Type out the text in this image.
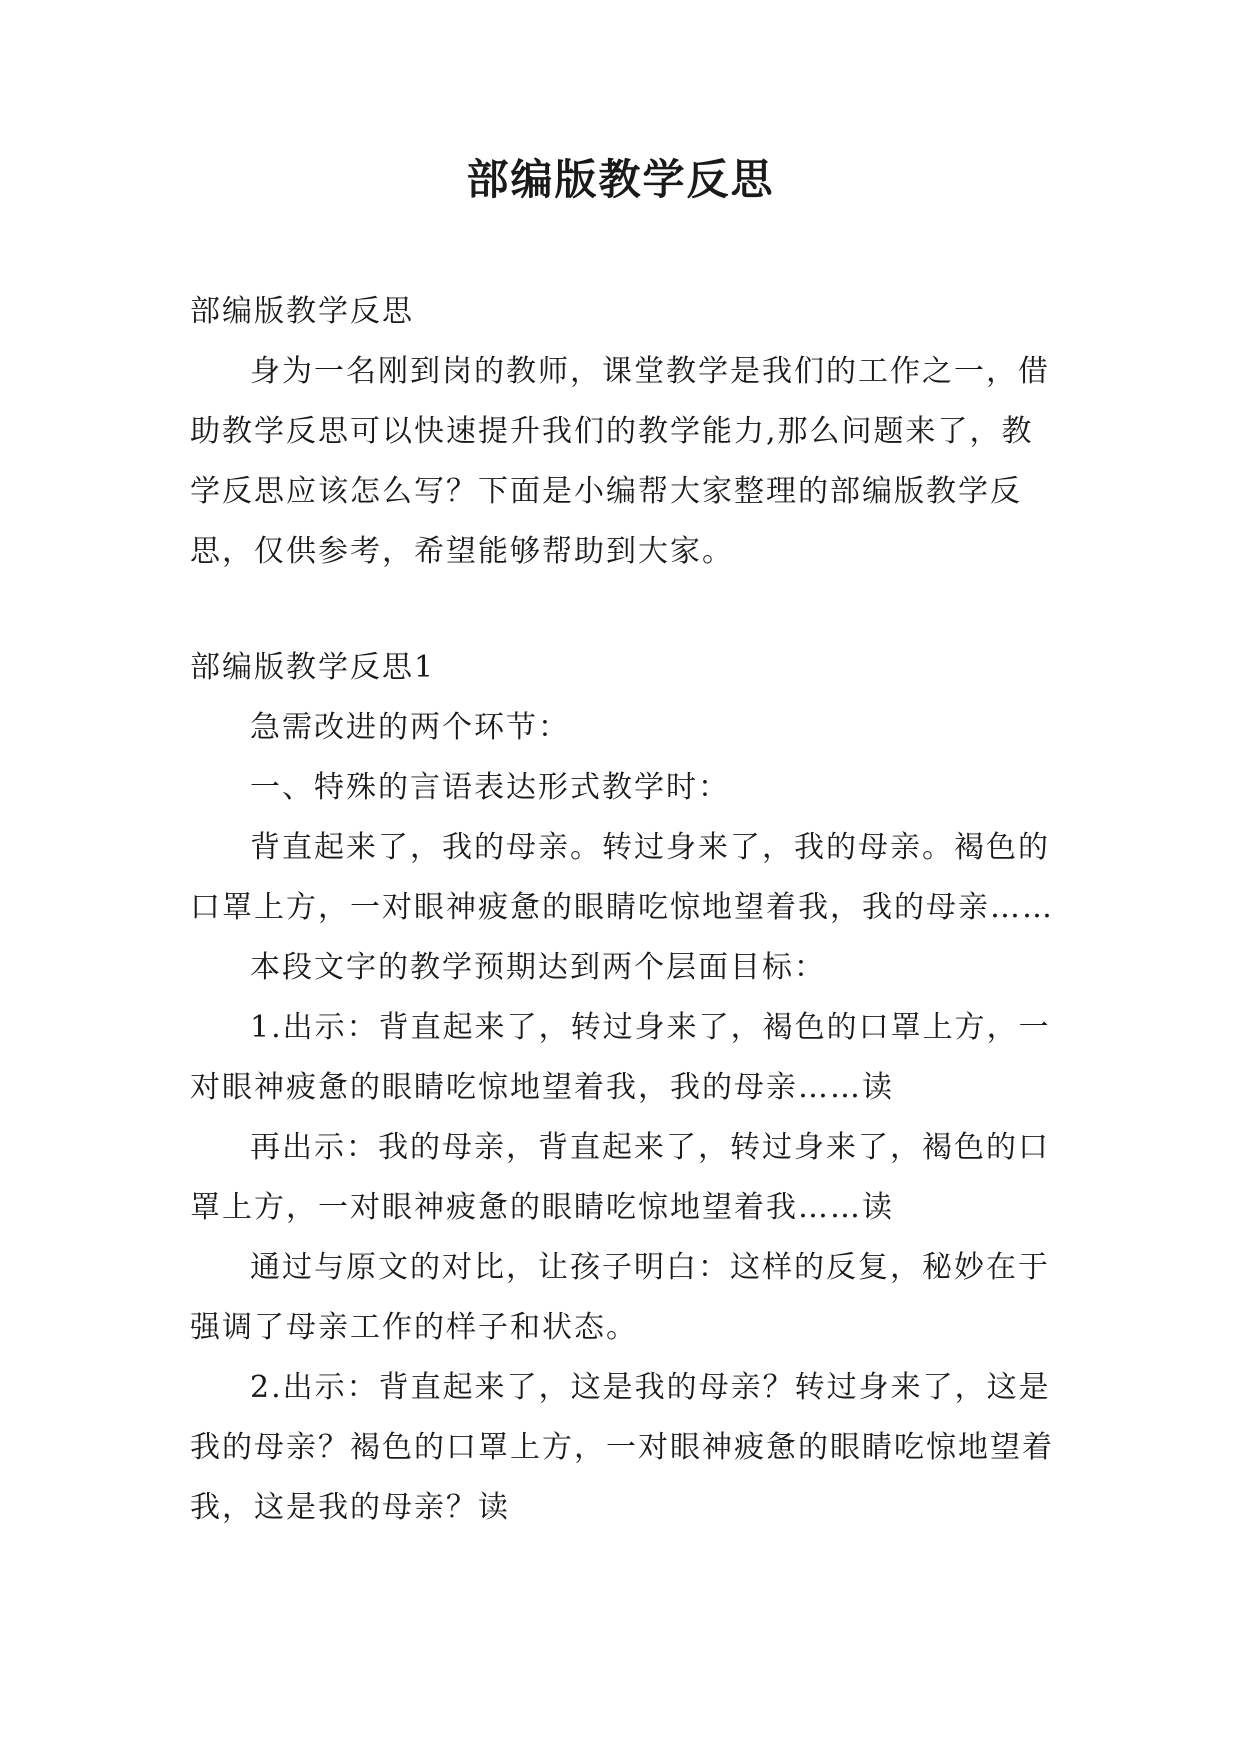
部编版教学反思

部编版教学反思

身为一名刚到岗的教师，课堂教学是我们的工作之一，借助教学反思可以快速提升我们的教学能力,那么问题来了，教学反思应该怎么写？下面是小编帮大家整理的部编版教学反思，仅供参考，希望能够帮助到大家。

部编版教学反思1

急需改进的两个环节：

一、特殊的言语表达形式教学时：

背直起来了，我的母亲。转过身来了，我的母亲。褐色的口罩上方，一对眼神疲惫的眼睛吃惊地望着我，我的母亲……

本段文字的教学预期达到两个层面目标：

1.出示：背直起来了，转过身来了，褐色的口罩上方，一对眼神疲惫的眼睛吃惊地望着我，我的母亲……读

再出示：我的母亲，背直起来了，转过身来了，褐色的口罩上方，一对眼神疲惫的眼睛吃惊地望着我……读

通过与原文的对比，让孩子明白：这样的反复，秘妙在于强调了母亲工作的样子和状态。

2.出示：背直起来了，这是我的母亲？转过身来了，这是我的母亲？褐色的口罩上方，一对眼神疲惫的眼睛吃惊地望着我，这是我的母亲？读
